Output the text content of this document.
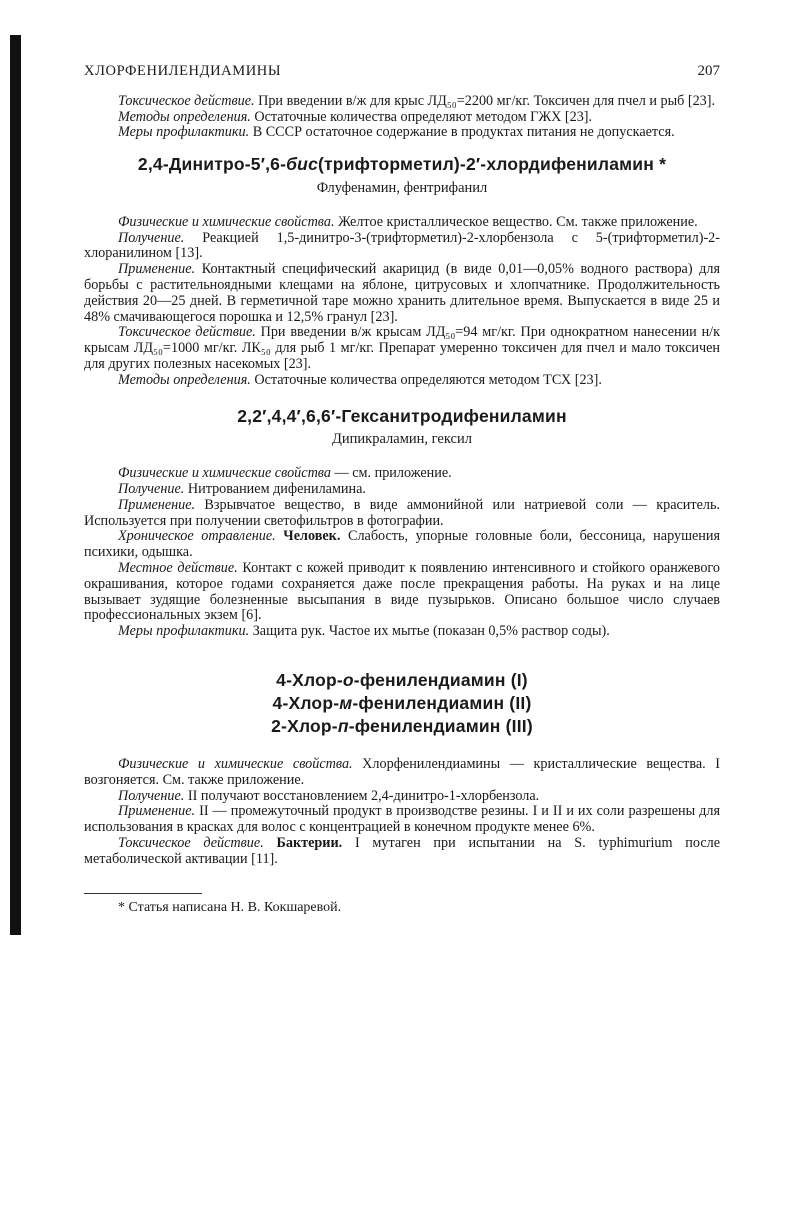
ХЛОРФЕНИЛЕНДИАМИНЫ	207

Токсическое действие. При введении в/ж для крыс ЛД₅₀=2200 мг/кг. Токсичен для пчел и рыб [23].

Методы определения. Остаточные количества определяют методом ГЖХ [23].

Меры профилактики. В СССР остаточное содержание в продуктах питания не допускается.

2,4-Динитро-5′,6-бис(трифторметил)-2′-хлордифениламин *
Флуфенамин, фентрифанил

Физические и химические свойства. Желтое кристаллическое вещество. См. также приложение.

Получение. Реакцией 1,5-динитро-3-(трифторметил)-2-хлорбензола с 5-(трифторметил)-2-хлоранилином [13].

Применение. Контактный специфический акарицид (в виде 0,01—0,05% водного раствора) для борьбы с растительноядными клещами на яблоне, цитрусовых и хлопчатнике. Продолжительность действия 20—25 дней. В герметичной таре можно хранить длительное время. Выпускается в виде 25 и 48% смачивающегося порошка и 12,5% гранул [23].

Токсическое действие. При введении в/ж крысам ЛД₅₀=94 мг/кг. При однократном нанесении н/к крысам ЛД₅₀=1000 мг/кг. ЛК₅₀ для рыб 1 мг/кг. Препарат умеренно токсичен для пчел и мало токсичен для других полезных насекомых [23].

Методы определения. Остаточные количества определяются методом ТСХ [23].

2,2′,4,4′,6,6′-Гексанитродифениламин
Дипикраламин, гексил

Физические и химические свойства — см. приложение.

Получение. Нитрованием дифениламина.

Применение. Взрывчатое вещество, в виде аммонийной или натриевой соли — краситель. Используется при получении светофильтров в фотографии.

Хроническое отравление. Человек. Слабость, упорные головные боли, бессоница, нарушения психики, одышка.

Местное действие. Контакт с кожей приводит к появлению интенсивного и стойкого оранжевого окрашивания, которое годами сохраняется даже после прекращения работы. На руках и на лице вызывает зудящие болезненные высыпания в виде пузырьков. Описано большое число случаев профессиональных экзем [6].

Меры профилактики. Защита рук. Частое их мытье (показан 0,5% раствор соды).

4-Хлор-о-фенилендиамин (I)
4-Хлор-м-фенилендиамин (II)
2-Хлор-п-фенилендиамин (III)

Физические и химические свойства. Хлорфенилендиамины — кристаллические вещества. I возгоняется. См. также приложение.

Получение. II получают восстановлением 2,4-динитро-1-хлорбензола.

Применение. II — промежуточный продукт в производстве резины. I и II и их соли разрешены для использования в красках для волос с концентрацией в конечном продукте менее 6%.

Токсическое действие. Бактерии. I мутаген при испытании на S. typhimurium после метаболической активации [11].

* Статья написана Н. В. Кокшаревой.
